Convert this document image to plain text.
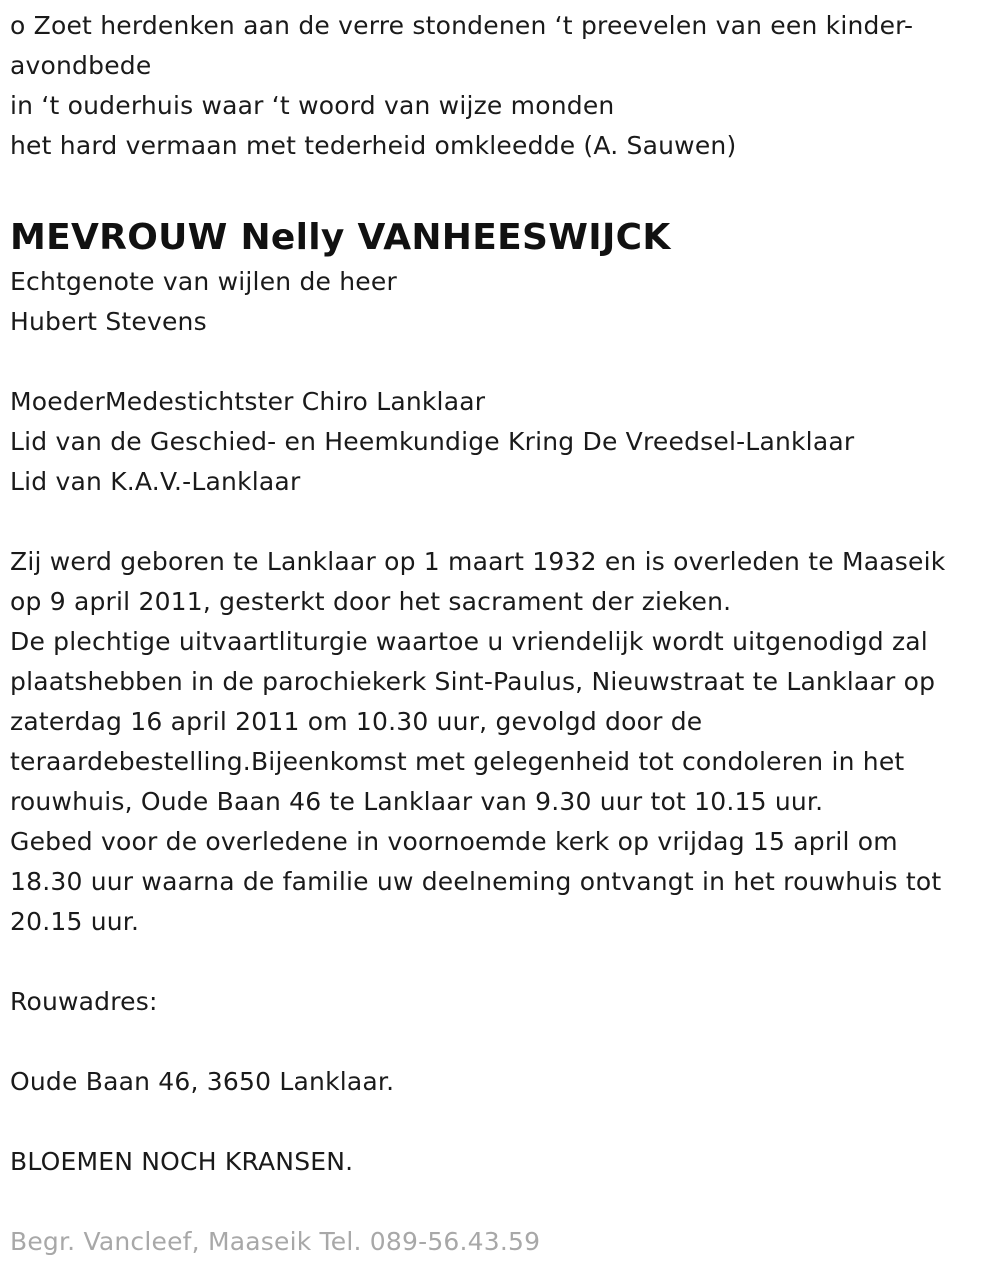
o Zoet herdenken aan de verre stondenen ‘t preevelen van een kinder-
avondbede
in ‘t ouderhuis waar ‘t woord van wijze monden
het hard vermaan met tederheid omkleedde (A. Sauwen)
MEVROUW Nelly VANHEESWIJCK
Echtgenote van wijlen de heer
Hubert Stevens
MoederMedestichtster Chiro Lanklaar
Lid van de Geschied- en Heemkundige Kring De Vreedsel-Lanklaar
Lid van K.A.V.-Lanklaar
Zij werd geboren te Lanklaar op 1 maart 1932 en is overleden te Maaseik
op 9 april 2011, gesterkt door het sacrament der zieken.
De plechtige uitvaartliturgie waartoe u vriendelijk wordt uitgenodigd zal
plaatshebben in de parochiekerk Sint-Paulus, Nieuwstraat te Lanklaar op
zaterdag 16 april 2011 om 10.30 uur, gevolgd door de
teraardebestelling.Bijeenkomst met gelegenheid tot condoleren in het
rouwhuis, Oude Baan 46 te Lanklaar van 9.30 uur tot 10.15 uur.
Gebed voor de overledene in voornoemde kerk op vrijdag 15 april om
18.30 uur waarna de familie uw deelneming ontvangt in het rouwhuis tot
20.15 uur.
Rouwadres:
Oude Baan 46, 3650 Lanklaar.
BLOEMEN NOCH KRANSEN.
Begr. Vancleef, Maaseik Tel. 089-56.43.59
